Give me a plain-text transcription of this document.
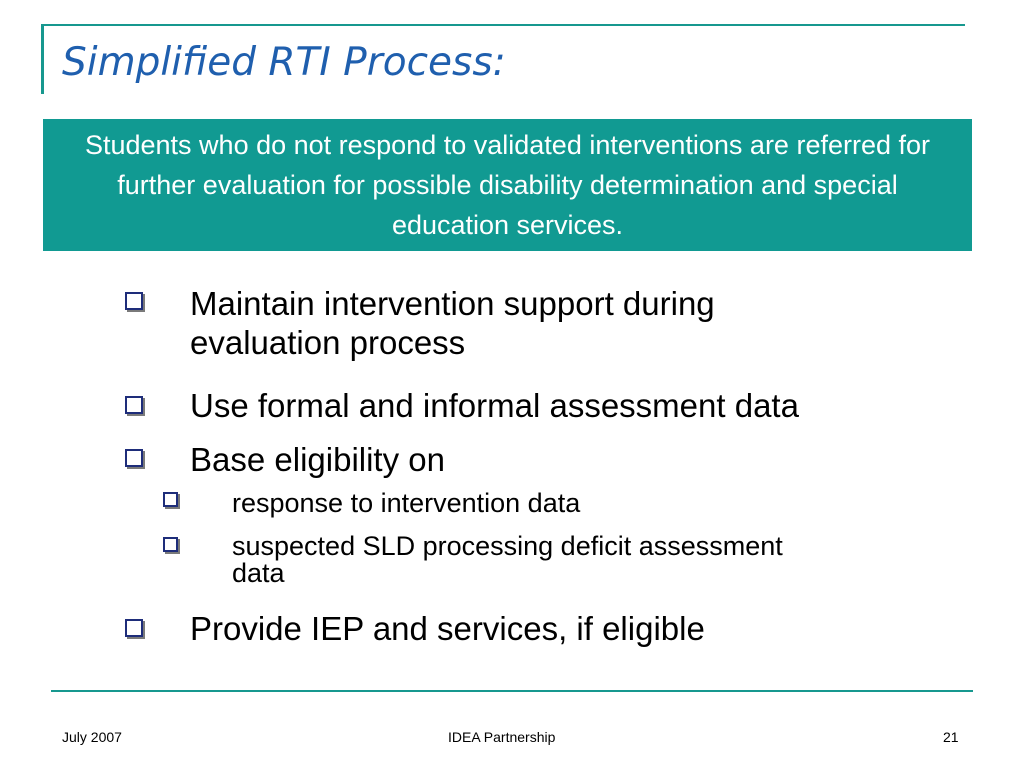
Simplified RTI Process:
Students who do not respond to validated interventions are referred for further evaluation for possible disability determination and special education services.
Maintain intervention support during
evaluation process
Use formal and informal assessment data
Base eligibility on
response to intervention data
suspected SLD processing deficit assessment
data
Provide IEP and services, if eligible
July 2007	IDEA Partnership	21
